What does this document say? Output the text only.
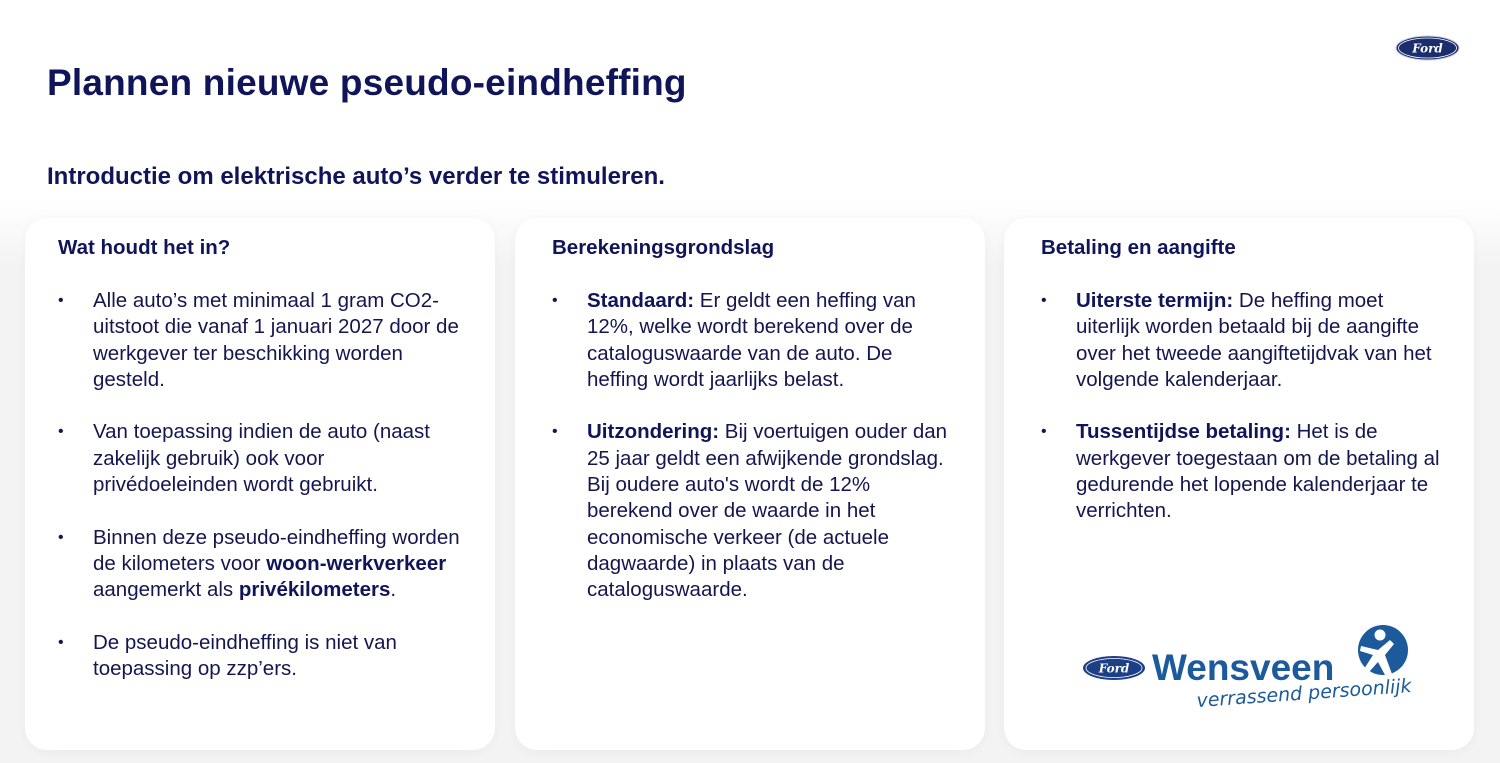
Ford
Plannen nieuwe pseudo-eindheffing
Introductie om elektrische auto’s verder te stimuleren.
Wat houdt het in?
•	Alle auto’s met minimaal 1 gram CO2-uitstoot die vanaf 1 januari 2027 door de werkgever ter beschikking worden gesteld.
•	Van toepassing indien de auto (naast zakelijk gebruik) ook voor privédoeleinden wordt gebruikt.
•	Binnen deze pseudo-eindheffing worden de kilometers voor woon-werkverkeer aangemerkt als privékilometers.
•	De pseudo-eindheffing is niet van toepassing op zzp’ers.
Berekeningsgrondslag
•	Standaard: Er geldt een heffing van 12%, welke wordt berekend over de cataloguswaarde van de auto. De heffing wordt jaarlijks belast.
•	Uitzondering: Bij voertuigen ouder dan 25 jaar geldt een afwijkende grondslag. Bij oudere auto's wordt de 12% berekend over de waarde in het economische verkeer (de actuele dagwaarde) in plaats van de cataloguswaarde.
Betaling en aangifte
•	Uiterste termijn: De heffing moet uiterlijk worden betaald bij de aangifte over het tweede aangiftetijdvak van het volgende kalenderjaar.
•	Tussentijdse betaling: Het is de werkgever toegestaan om de betaling al gedurende het lopende kalenderjaar te verrichten.
Ford Wensveen
verrassend persoonlijk
